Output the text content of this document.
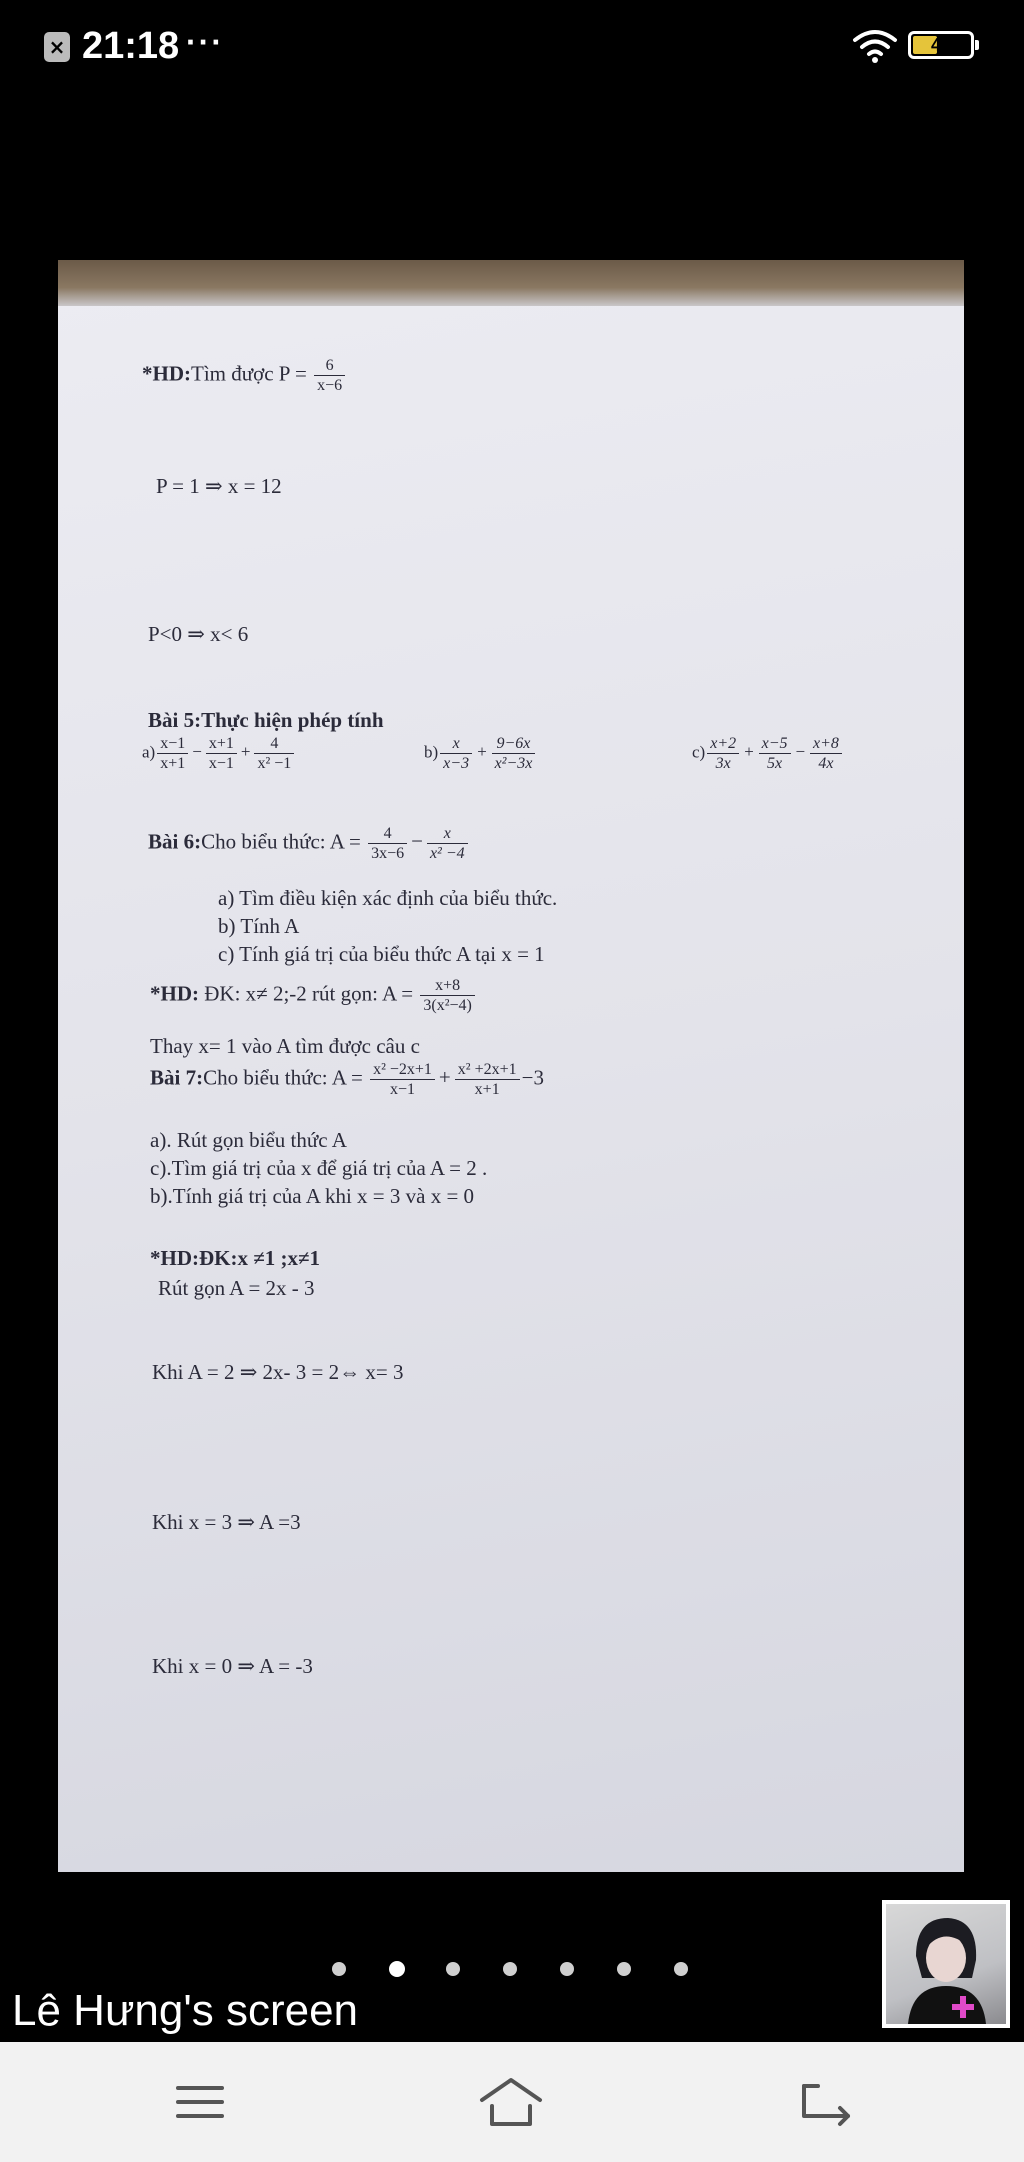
× 21:18 ···	44
*HD:Tìm được $P = \frac{6}{x-6}$
P = 1 ⇒ x = 12
P<0 ⇒ x< 6
Bài 5:Thực hiện phép tính
$a) \frac{x-1}{x+1} - \frac{x+1}{x-1} + \frac{4}{\text{x² −1}}$	$b) \frac{x}{x-3} + \frac{9-6x}{\text{x²−3x}}$	$c) \frac{x+2}{3x} + \frac{x-5}{5x} - \frac{x+8}{4x}$
Bài 6:Cho biểu thức: $A = \frac{4}{3x-6} - \frac{x}{\text{x² −4}}$
a) Tìm điều kiện xác định của biểu thức.
b) Tính A
c) Tính giá trị của biểu thức A tại x = 1
*HD: ĐK: x≠ 2;-2 rút gọn: $A = \frac{x+8}{\text{3(x²−4)}}$
Thay x= 1 vào A tìm được câu c
Bài 7:Cho biểu thức: $A = \frac{\text{x² −2x+1}}{x-1} + \frac{\text{x² +2x+1}}{x+1} -3$
a). Rút gọn biểu thức A
c).Tìm giá trị của x để giá trị của A = 2 .
b).Tính giá trị của A khi x = 3 và x = 0
*HD:ĐK:x ≠1 ;x≠1
Rút gọn A = 2x - 3
Khi A = 2 ⇒ 2x- 3 = 2⇔ x= 3
Khi x = 3 ⇒ A =3
Khi x = 0 ⇒ A = -3
Lê Hưng's screen
